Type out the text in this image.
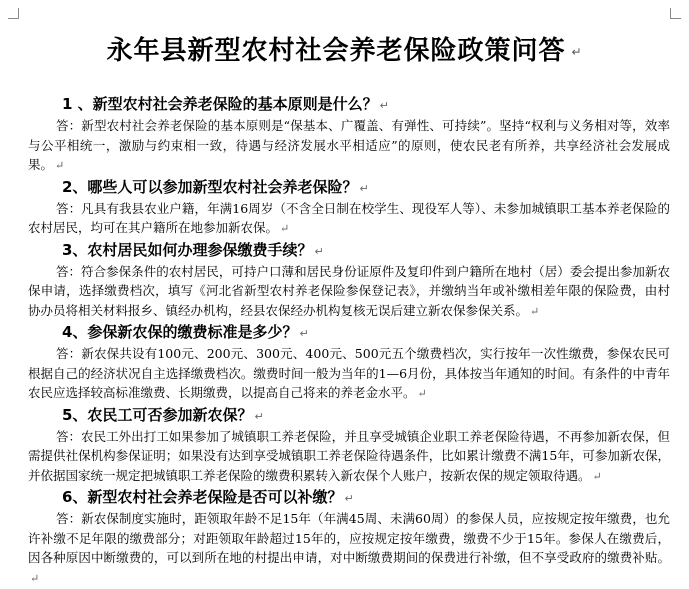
永年县新型农村社会养老保险政策问答 ↵
1 、新型农村社会养老保险的基本原则是什么？ ↵
答：新型农村社会养老保险的基本原则是“保基本、广覆盖、有弹性、可持续”。坚持“权利与义务相对等，效率与公平相统一，激励与约束相一致，待遇与经济发展水平相适应”的原则，使农民老有所养，共享经济社会发展成果。 ↵
2、哪些人可以参加新型农村社会养老保险？ ↵
答：凡具有我县农业户籍，年满16周岁（不含全日制在校学生、现役军人等）、未参加城镇职工基本养老保险的农村居民，均可在其户籍所在地参加新农保。 ↵
3、农村居民如何办理参保缴费手续？ ↵
答：符合参保条件的农村居民，可持户口薄和居民身份证原件及复印件到户籍所在地村（居）委会提出参加新农保申请，选择缴费档次，填写《河北省新型农村养老保险参保登记表》，并缴纳当年或补缴相差年限的保险费，由村协办员将相关材料报乡、镇经办机构，经县农保经办机构复核无误后建立新农保参保关系。 ↵
4、参保新农保的缴费标准是多少？ ↵
答：新农保共设有100元、200元、300元、400元、500元五个缴费档次，实行按年一次性缴费，参保农民可根据自己的经济状况自主选择缴费档次。缴费时间一般为当年的1—6月份，具体按当年通知的时间。有条件的中青年农民应选择较高标准缴费、长期缴费，以提高自己将来的养老金水平。 ↵
5、农民工可否参加新农保？ ↵
答：农民工外出打工如果参加了城镇职工养老保险，并且享受城镇企业职工养老保险待遇，不再参加新农保，但需提供社保机构参保证明；如果没有达到享受城镇职工养老保险待遇条件，比如累计缴费不满15年，可参加新农保，并依据国家统一规定把城镇职工养老保险的缴费积累转入新农保个人账户，按新农保的规定领取待遇。 ↵
6、新型农村社会养老保险是否可以补缴？ ↵
答：新农保制度实施时，距领取年龄不足15年（年满45周、未满60周）的参保人员，应按规定按年缴费，也允许补缴不足年限的缴费部分；对距领取年龄超过15年的，应按规定按年缴费，缴费不少于15年。参保人在缴费后，因各种原因中断缴费的，可以到所在地的村提出申请，对中断缴费期间的保费进行补缴，但不享受政府的缴费补贴。↵
